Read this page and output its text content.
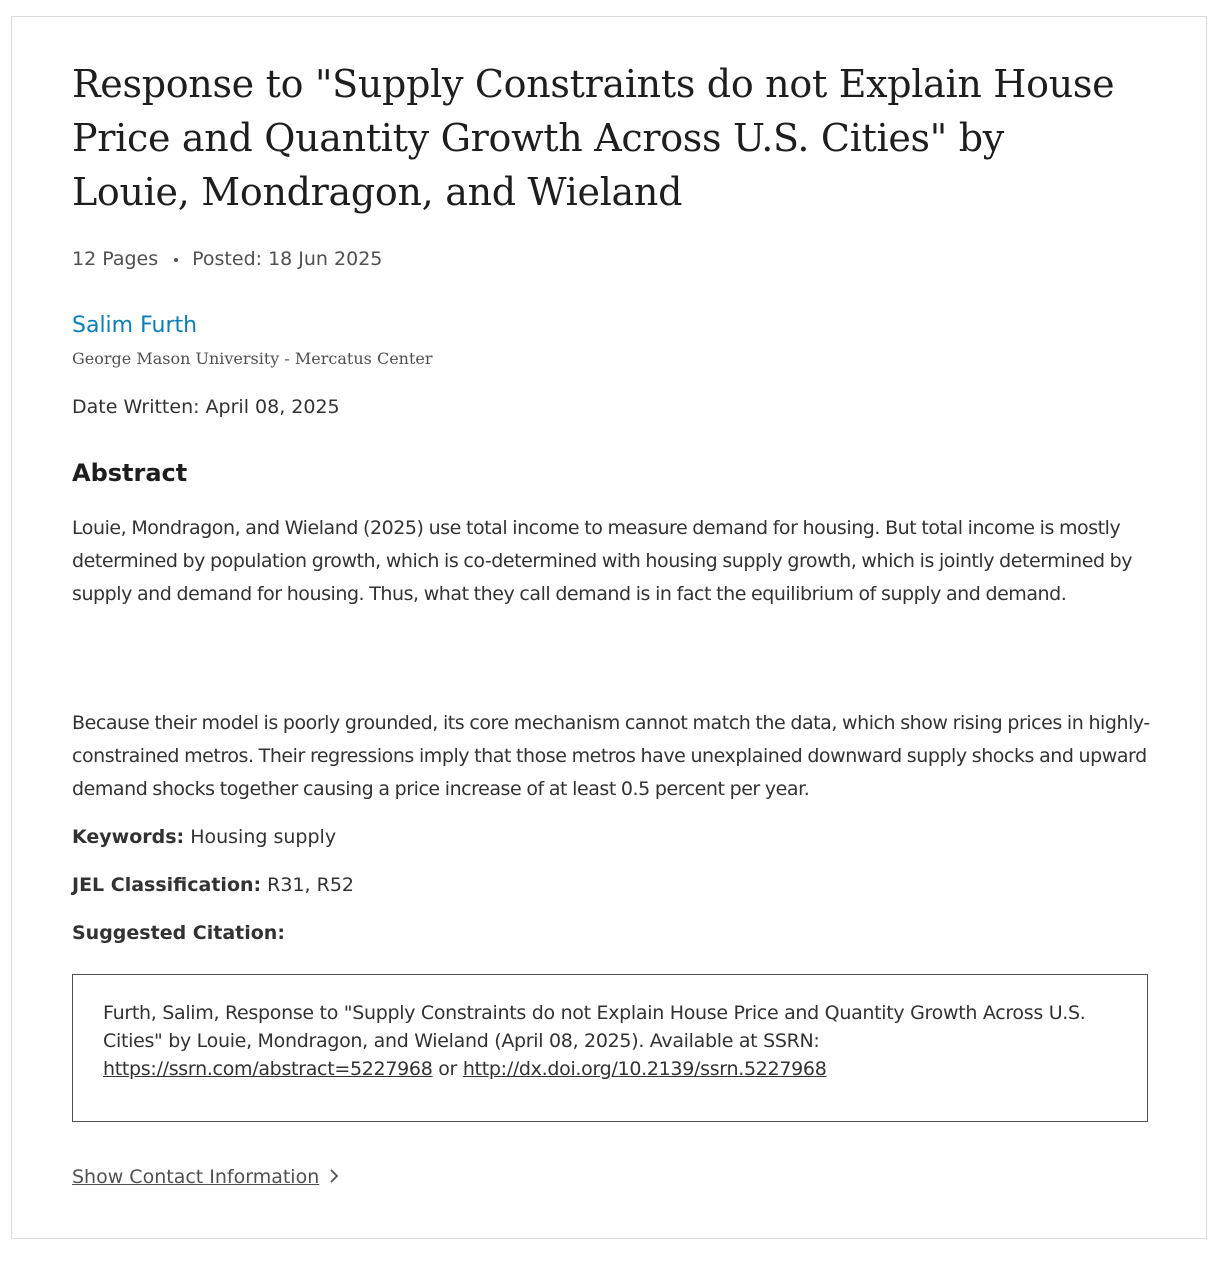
Response to "Supply Constraints do not Explain House Price and Quantity Growth Across U.S. Cities" by Louie, Mondragon, and Wieland
12 Pages Posted: 18 Jun 2025
Salim Furth
George Mason University - Mercatus Center
Date Written: April 08, 2025
Abstract

Louie, Mondragon, and Wieland (2025) use total income to measure demand for housing. But total income is mostly determined by population growth, which is co-determined with housing supply growth, which is jointly determined by supply and demand for housing. Thus, what they call demand is in fact the equilibrium of supply and demand.

Because their model is poorly grounded, its core mechanism cannot match the data, which show rising prices in highly-constrained metros. Their regressions imply that those metros have unexplained downward supply shocks and upward demand shocks together causing a price increase of at least 0.5 percent per year.

Keywords: Housing supply
JEL Classification: R31, R52
Suggested Citation:

Furth, Salim, Response to "Supply Constraints do not Explain House Price and Quantity Growth Across U.S. Cities" by Louie, Mondragon, and Wieland (April 08, 2025). Available at SSRN: https://ssrn.com/abstract=5227968 or http://dx.doi.org/10.2139/ssrn.5227968

Show Contact Information
